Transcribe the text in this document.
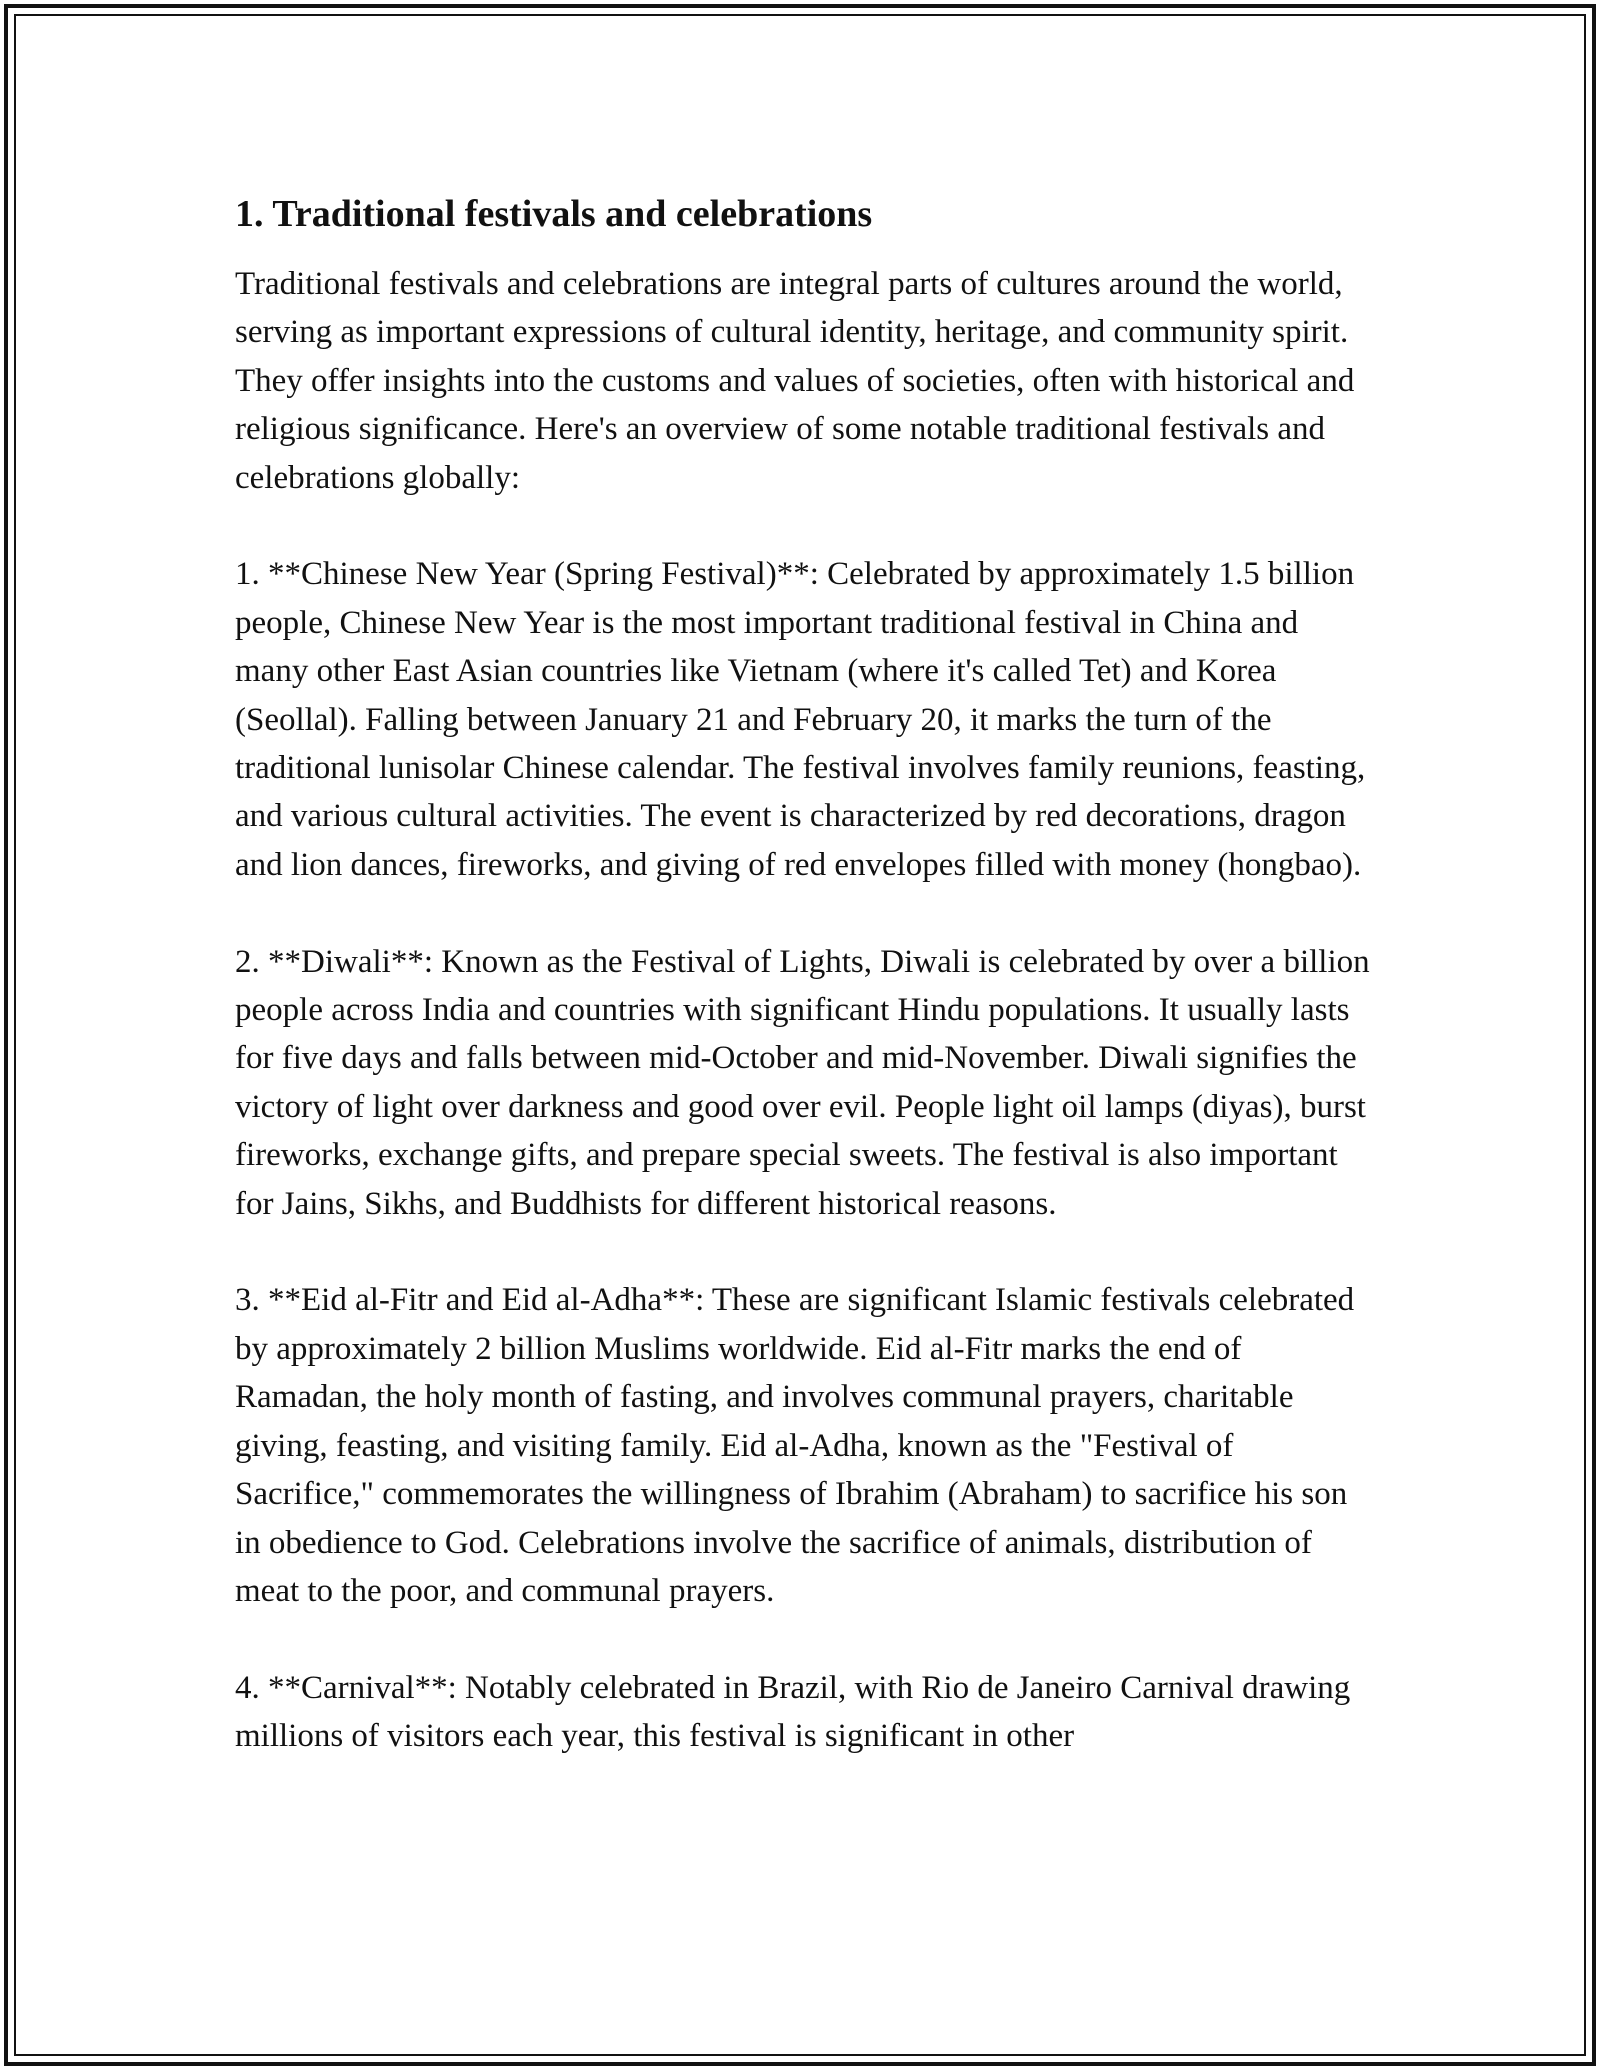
1. Traditional festivals and celebrations

Traditional festivals and celebrations are integral parts of cultures around the world, serving as important expressions of cultural identity, heritage, and community spirit. They offer insights into the customs and values of societies, often with historical and religious significance. Here's an overview of some notable traditional festivals and celebrations globally:

1. **Chinese New Year (Spring Festival)**: Celebrated by approximately 1.5 billion people, Chinese New Year is the most important traditional festival in China and many other East Asian countries like Vietnam (where it's called Tet) and Korea (Seollal). Falling between January 21 and February 20, it marks the turn of the traditional lunisolar Chinese calendar. The festival involves family reunions, feasting, and various cultural activities. The event is characterized by red decorations, dragon and lion dances, fireworks, and giving of red envelopes filled with money (hongbao).

2. **Diwali**: Known as the Festival of Lights, Diwali is celebrated by over a billion people across India and countries with significant Hindu populations. It usually lasts for five days and falls between mid-October and mid-November. Diwali signifies the victory of light over darkness and good over evil. People light oil lamps (diyas), burst fireworks, exchange gifts, and prepare special sweets. The festival is also important for Jains, Sikhs, and Buddhists for different historical reasons.

3. **Eid al-Fitr and Eid al-Adha**: These are significant Islamic festivals celebrated by approximately 2 billion Muslims worldwide. Eid al-Fitr marks the end of Ramadan, the holy month of fasting, and involves communal prayers, charitable giving, feasting, and visiting family. Eid al-Adha, known as the "Festival of Sacrifice," commemorates the willingness of Ibrahim (Abraham) to sacrifice his son in obedience to God. Celebrations involve the sacrifice of animals, distribution of meat to the poor, and communal prayers.

4. **Carnival**: Notably celebrated in Brazil, with Rio de Janeiro Carnival drawing millions of visitors each year, this festival is significant in other
